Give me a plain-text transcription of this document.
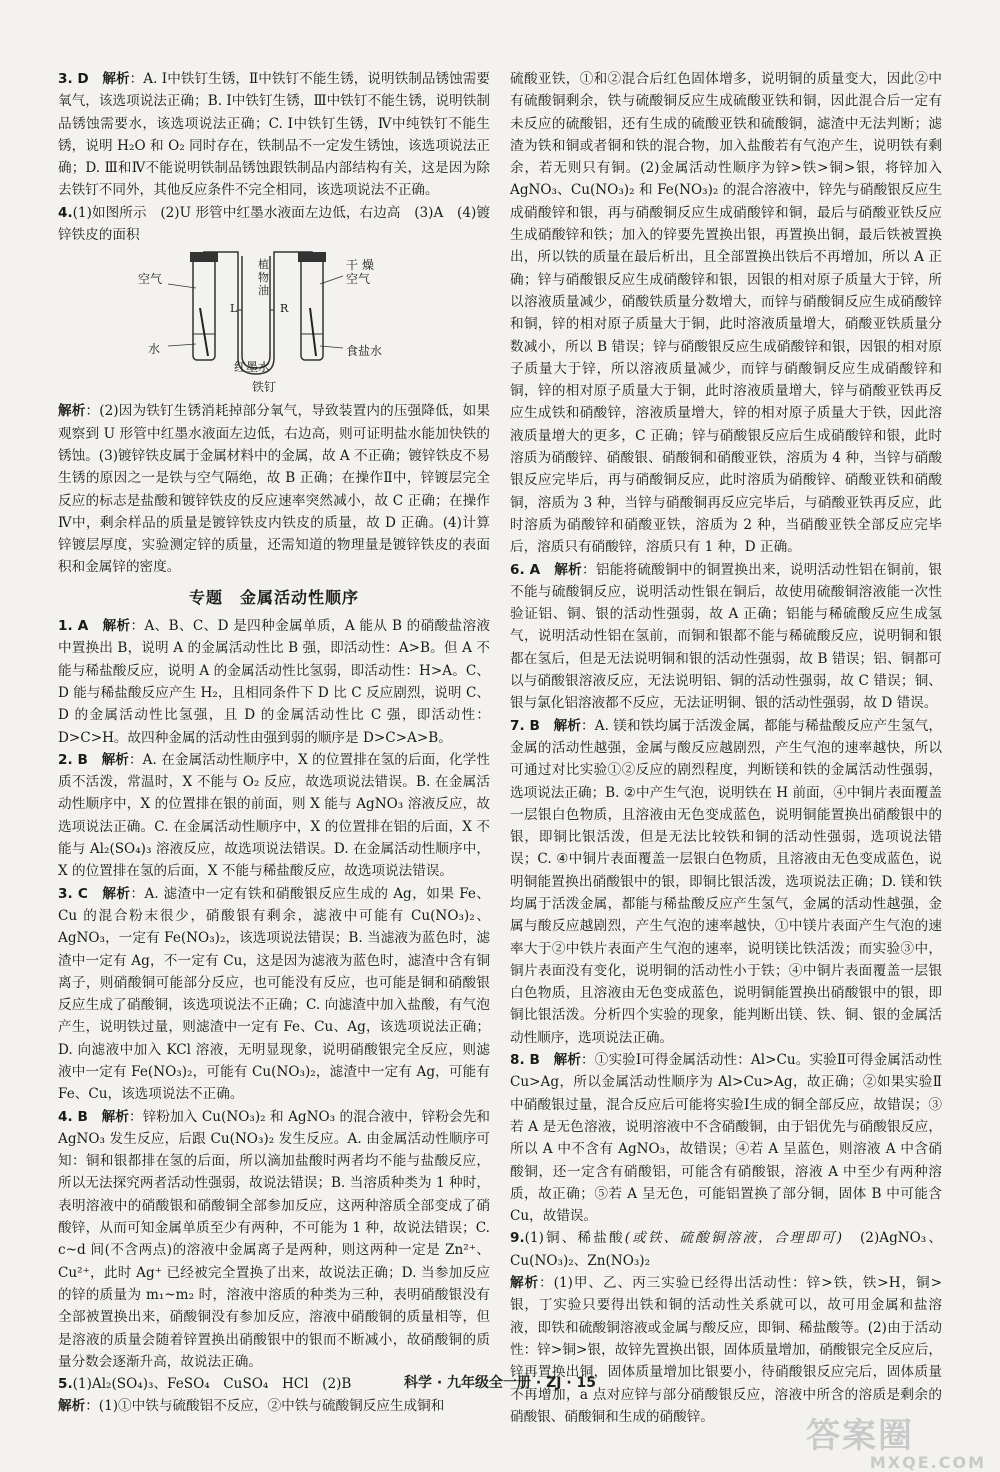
3. D　 解析：A. Ⅰ中铁钉生锈，Ⅱ中铁钉不能生锈，说明铁制品锈蚀需要氧气，该选项说法正确；B. Ⅰ中铁钉生锈，Ⅲ中铁钉不能生锈，说明铁制品锈蚀需要水，该选项说法正确；C. Ⅰ中铁钉生锈，Ⅳ中纯铁钉不能生锈，说明 H₂O 和 O₂ 同时存在，铁制品不一定发生锈蚀，该选项说法正确；D. Ⅲ和Ⅳ不能说明铁制品锈蚀跟铁制品内部结构有关，这是因为除去铁钉不同外，其他反应条件不完全相同，该选项说法不正确。

4.(1)如图所示　(2)U 形管中红墨水液面左边低，右边高　(3)A　(4)镀锌铁皮的面积

空气
干燥空气
植物油
L	R
水	食盐水
红墨水
铁钉

解析：(2)因为铁钉生锈消耗掉部分氧气，导致装置内的压强降低，如果观察到 U 形管中红墨水液面左边低，右边高，则可证明盐水能加快铁的锈蚀。(3)镀锌铁皮属于金属材料中的金属，故 A 不正确；镀锌铁皮不易生锈的原因之一是铁与空气隔绝，故 B 正确；在操作Ⅱ中，锌镀层完全反应的标志是盐酸和镀锌铁皮的反应速率突然减小，故 C 正确；在操作Ⅳ中，剩余样品的质量是镀锌铁皮内铁皮的质量，故 D 正确。(4)计算锌镀层厚度，实验测定锌的质量，还需知道的物理量是镀锌铁皮的表面积和金属锌的密度。

专题　金属活动性顺序

1. A　 解析：A、B、C、D 是四种金属单质，A 能从 B 的硝酸盐溶液中置换出 B，说明 A 的金属活动性比 B 强，即活动性：A>B。但 A 不能与稀盐酸反应，说明 A 的金属活动性比氢弱，即活动性：H>A。C、D 能与稀盐酸反应产生 H₂，且相同条件下 D 比 C 反应剧烈，说明 C、D 的金属活动性比氢强，且 D 的金属活动性比 C 强，即活动性：D>C>H。故四种金属的活动性由强到弱的顺序是 D>C>A>B。

2. B　 解析：A. 在金属活动性顺序中，X 的位置排在氢的后面，化学性质不活泼，常温时，X 不能与 O₂ 反应，故选项说法错误。B. 在金属活动性顺序中，X 的位置排在银的前面，则 X 能与 AgNO₃ 溶液反应，故选项说法正确。C. 在金属活动性顺序中，X 的位置排在铝的后面，X 不能与 Al₂(SO₄)₃ 溶液反应，故选项说法错误。D. 在金属活动性顺序中，X 的位置排在氢的后面，X 不能与稀盐酸反应，故选项说法错误。

3. C　 解析：A. 滤渣中一定有铁和硝酸银反应生成的 Ag，如果 Fe、Cu 的混合粉末很少，硝酸银有剩余，滤液中可能有 Cu(NO₃)₂、AgNO₃，一定有 Fe(NO₃)₂，该选项说法错误；B. 当滤液为蓝色时，滤渣中一定有 Ag，不一定有 Cu，这是因为滤液为蓝色时，滤渣中含有铜离子，则硝酸铜可能部分反应，也可能没有反应，也可能是铜和硝酸银反应生成了硝酸铜，该选项说法不正确；C. 向滤渣中加入盐酸，有气泡产生，说明铁过量，则滤渣中一定有 Fe、Cu、Ag，该选项说法正确；D. 向滤液中加入 KCl 溶液，无明显现象，说明硝酸银完全反应，则滤液中一定有 Fe(NO₃)₂，可能有 Cu(NO₃)₂，滤渣中一定有 Ag，可能有 Fe、Cu，该选项说法不正确。

4. B　 解析：锌粉加入 Cu(NO₃)₂ 和 AgNO₃ 的混合液中，锌粉会先和 AgNO₃ 发生反应，后跟 Cu(NO₃)₂ 发生反应。A. 由金属活动性顺序可知：铜和银都排在氢的后面，所以滴加盐酸时两者均不能与盐酸反应，所以无法探究两者活动性强弱，故说法错误；B. 当溶质种类为 1 种时，表明溶液中的硝酸银和硝酸铜全部参加反应，这两种溶质全部变成了硝酸锌，从而可知金属单质至少有两种，不可能为 1 种，故说法错误；C. c~d 间(不含两点)的溶液中金属离子是两种，则这两种一定是 Zn²⁺、Cu²⁺，此时 Ag⁺ 已经被完全置换了出来，故说法正确；D. 当参加反应的锌的质量为 m₁~m₂ 时，溶液中溶质的种类为三种，表明硝酸银没有全部被置换出来，硝酸铜没有参加反应，溶液中硝酸铜的质量相等，但是溶液的质量会随着锌置换出硝酸银中的银而不断减小，故硝酸铜的质量分数会逐渐升高，故说法正确。

5.(1)Al₂(SO₄)₃、FeSO₄　CuSO₄　HCl　(2)B

解析：(1)①中铁与硫酸铝不反应，②中铁与硫酸铜反应生成铜和

硫酸亚铁，①和②混合后红色固体增多，说明铜的质量变大，因此②中有硫酸铜剩余，铁与硫酸铜反应生成硫酸亚铁和铜，因此混合后一定有未反应的硫酸铝，还有生成的硫酸亚铁和硫酸铜，滤渣中无法判断；滤渣为铁和铜或者铜和铁的混合物，加入盐酸若有气泡产生，说明铁有剩余，若无则只有铜。(2)金属活动性顺序为锌>铁>铜>银，将锌加入 AgNO₃、Cu(NO₃)₂ 和 Fe(NO₃)₂ 的混合溶液中，锌先与硝酸银反应生成硝酸锌和银，再与硝酸铜反应生成硝酸锌和铜，最后与硝酸亚铁反应生成硝酸锌和铁；加入的锌要先置换出银，再置换出铜，最后铁被置换出，所以铁的质量在最后析出，且全部置换出铁后不再增加，所以 A 正确；锌与硝酸银反应生成硝酸锌和银，因银的相对原子质量大于锌，所以溶液质量减少，硝酸铁质量分数增大，而锌与硝酸铜反应生成硝酸锌和铜，锌的相对原子质量大于铜，此时溶液质量增大，硝酸亚铁质量分数减小，所以 B 错误；锌与硝酸银反应生成硝酸锌和银，因银的相对原子质量大于锌，所以溶液质量减少，而锌与硝酸铜反应生成硝酸锌和铜，锌的相对原子质量大于铜，此时溶液质量增大，锌与硝酸亚铁再反应生成铁和硝酸锌，溶液质量增大，锌的相对原子质量大于铁，因此溶液质量增大的更多，C 正确；锌与硝酸银反应后生成硝酸锌和银，此时溶质为硝酸锌、硝酸银、硝酸铜和硝酸亚铁，溶质为 4 种，当锌与硝酸银反应完毕后，再与硝酸铜反应，此时溶质为硝酸锌、硝酸亚铁和硝酸铜，溶质为 3 种，当锌与硝酸铜再反应完毕后，与硝酸亚铁再反应，此时溶质为硝酸锌和硝酸亚铁，溶质为 2 种，当硝酸亚铁全部反应完毕后，溶质只有硝酸锌，溶质只有 1 种，D 正确。

6. A　 解析：铝能将硫酸铜中的铜置换出来，说明活动性铝在铜前，银不能与硫酸铜反应，说明活动性银在铜后，故使用硫酸铜溶液能一次性验证铝、铜、银的活动性强弱，故 A 正确；铝能与稀硫酸反应生成氢气，说明活动性铝在氢前，而铜和银都不能与稀硫酸反应，说明铜和银都在氢后，但是无法说明铜和银的活动性强弱，故 B 错误；铝、铜都可以与硝酸银溶液反应，无法说明铝、铜的活动性强弱，故 C 错误；铜、银与氯化铝溶液都不反应，无法证明铜、银的活动性强弱，故 D 错误。

7. B　 解析：A. 镁和铁均属于活泼金属，都能与稀盐酸反应产生氢气，金属的活动性越强，金属与酸反应越剧烈，产生气泡的速率越快，所以可通过对比实验①②反应的剧烈程度，判断镁和铁的金属活动性强弱，选项说法正确；B. ②中产生气泡，说明铁在 H 前面，④中铜片表面覆盖一层银白色物质，且溶液由无色变成蓝色，说明铜能置换出硝酸银中的银，即铜比银活泼，但是无法比较铁和铜的活动性强弱，选项说法错误；C. ④中铜片表面覆盖一层银白色物质，且溶液由无色变成蓝色，说明铜能置换出硝酸银中的银，即铜比银活泼，选项说法正确；D. 镁和铁均属于活泼金属，都能与稀盐酸反应产生氢气，金属的活动性越强，金属与酸反应越剧烈，产生气泡的速率越快，①中镁片表面产生气泡的速率大于②中铁片表面产生气泡的速率，说明镁比铁活泼；而实验③中，铜片表面没有变化，说明铜的活动性小于铁；④中铜片表面覆盖一层银白色物质，且溶液由无色变成蓝色，说明铜能置换出硝酸银中的银，即铜比银活泼。分析四个实验的现象，能判断出镁、铁、铜、银的金属活动性顺序，选项说法正确。

8. B　 解析：①实验Ⅰ可得金属活动性：Al>Cu。实验Ⅱ可得金属活动性 Cu>Ag，所以金属活动性顺序为 Al>Cu>Ag，故正确；②如果实验Ⅱ中硝酸银过量，混合反应后可能将实验Ⅰ生成的铜全部反应，故错误；③若 A 是无色溶液，说明溶液中不含硝酸铜，由于铝优先与硝酸银反应，所以 A 中不含有 AgNO₃，故错误；④若 A 呈蓝色，则溶液 A 中含硝酸铜，还一定含有硝酸铝，可能含有硝酸银，溶液 A 中至少有两种溶质，故正确；⑤若 A 呈无色，可能铝置换了部分铜，固体 B 中可能含 Cu，故错误。

9.(1)铜、稀盐酸(或铁、硫酸铜溶液，合理即可)　(2)AgNO₃、Cu(NO₃)₂、Zn(NO₃)₂

解析：(1)甲、乙、丙三实验已经得出活动性：锌>铁，铁>H，铜>银，丁实验只要得出铁和铜的活动性关系就可以，故可用金属和盐溶液，即铁和硫酸铜溶液或金属与酸反应，即铜、稀盐酸等。(2)由于活动性：锌>铜>银，故锌先置换出银，固体质量增加，硝酸银完全反应后，锌再置换出铜，固体质量增加比银要小，待硝酸银反应完后，固体质量不再增加，a 点对应锌与部分硝酸银反应，溶液中所含的溶质是剩余的硝酸银、硝酸铜和生成的硝酸锌。

科学 · 九年级全一册 · ZJ · 15
答案圈
MXQE.COM
